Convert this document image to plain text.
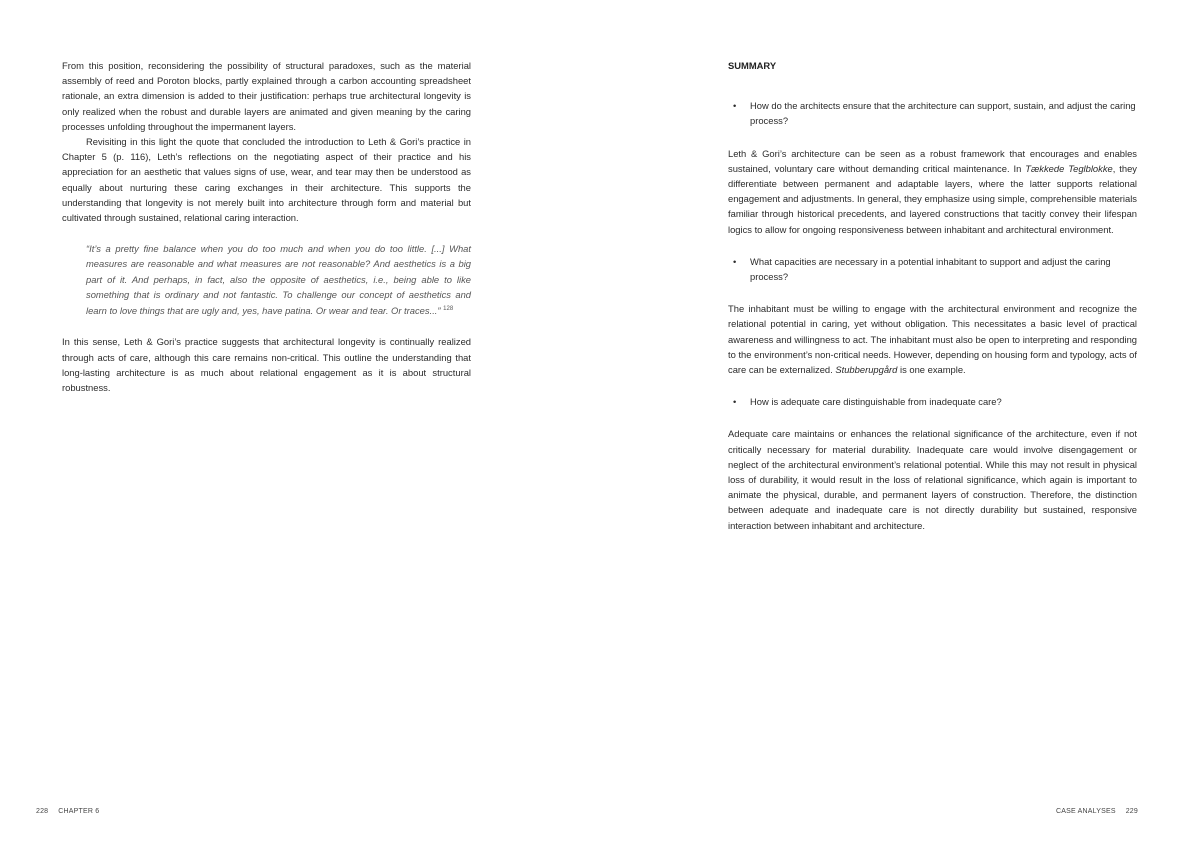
From this position, reconsidering the possibility of structural paradoxes, such as the material assembly of reed and Poroton blocks, partly explained through a carbon accounting spreadsheet rationale, an extra dimension is added to their justification: perhaps true architectural longevity is only realized when the robust and durable layers are animated and given meaning by the caring processes unfolding throughout the impermanent layers.

Revisiting in this light the quote that concluded the introduction to Leth & Gori’s practice in Chapter 5 (p. 116), Leth’s reflections on the negotiating aspect of their practice and his appreciation for an aesthetic that values signs of use, wear, and tear may then be understood as equally about nurturing these caring exchanges in their architecture. This supports the understanding that longevity is not merely built into architecture through form and material but cultivated through sustained, relational caring interaction.

“It’s a pretty fine balance when you do too much and when you do too little. [...] What measures are reasonable and what measures are not reasonable? And aesthetics is a big part of it. And perhaps, in fact, also the opposite of aesthetics, i.e., being able to like something that is ordinary and not fantastic. To challenge our concept of aesthetics and learn to love things that are ugly and, yes, have patina. Or wear and tear. Or traces...” $^{128}$

In this sense, Leth & Gori’s practice suggests that architectural longevity is continually realized through acts of care, although this care remains non-critical. This outline the understanding that long-lasting architecture is as much about relational engagement as it is about structural robustness.

228 CHAPTER 6
SUMMARY
•	How do the architects ensure that the architecture can support, sustain, and adjust the caring process?

Leth & Gori’s architecture can be seen as a robust framework that encourages and enables sustained, voluntary care without demanding critical maintenance. In Tækkede Teglblokke, they differentiate between permanent and adaptable layers, where the latter supports relational engagement and adjustments. In general, they emphasize using simple, comprehensible materials familiar through historical precedents, and layered constructions that tacitly convey their lifespan logics to allow for ongoing responsiveness between inhabitant and architectural environment.

•	What capacities are necessary in a potential inhabitant to support and adjust the caring process?

The inhabitant must be willing to engage with the architectural environment and recognize the relational potential in caring, yet without obligation. This necessitates a basic level of practical awareness and willingness to act. The inhabitant must also be open to interpreting and responding to the environment’s non-critical needs. However, depending on housing form and typology, acts of care can be externalized. Stubberupgård is one example.

•	How is adequate care distinguishable from inadequate care?

Adequate care maintains or enhances the relational significance of the architecture, even if not critically necessary for material durability. Inadequate care would involve disengagement or neglect of the architectural environment’s relational potential. While this may not result in physical loss of durability, it would result in the loss of relational significance, which again is important to animate the physical, durable, and permanent layers of construction. Therefore, the distinction between adequate and inadequate care is not directly durability but sustained, responsive interaction between inhabitant and architecture.

CASE ANALYSES 229
